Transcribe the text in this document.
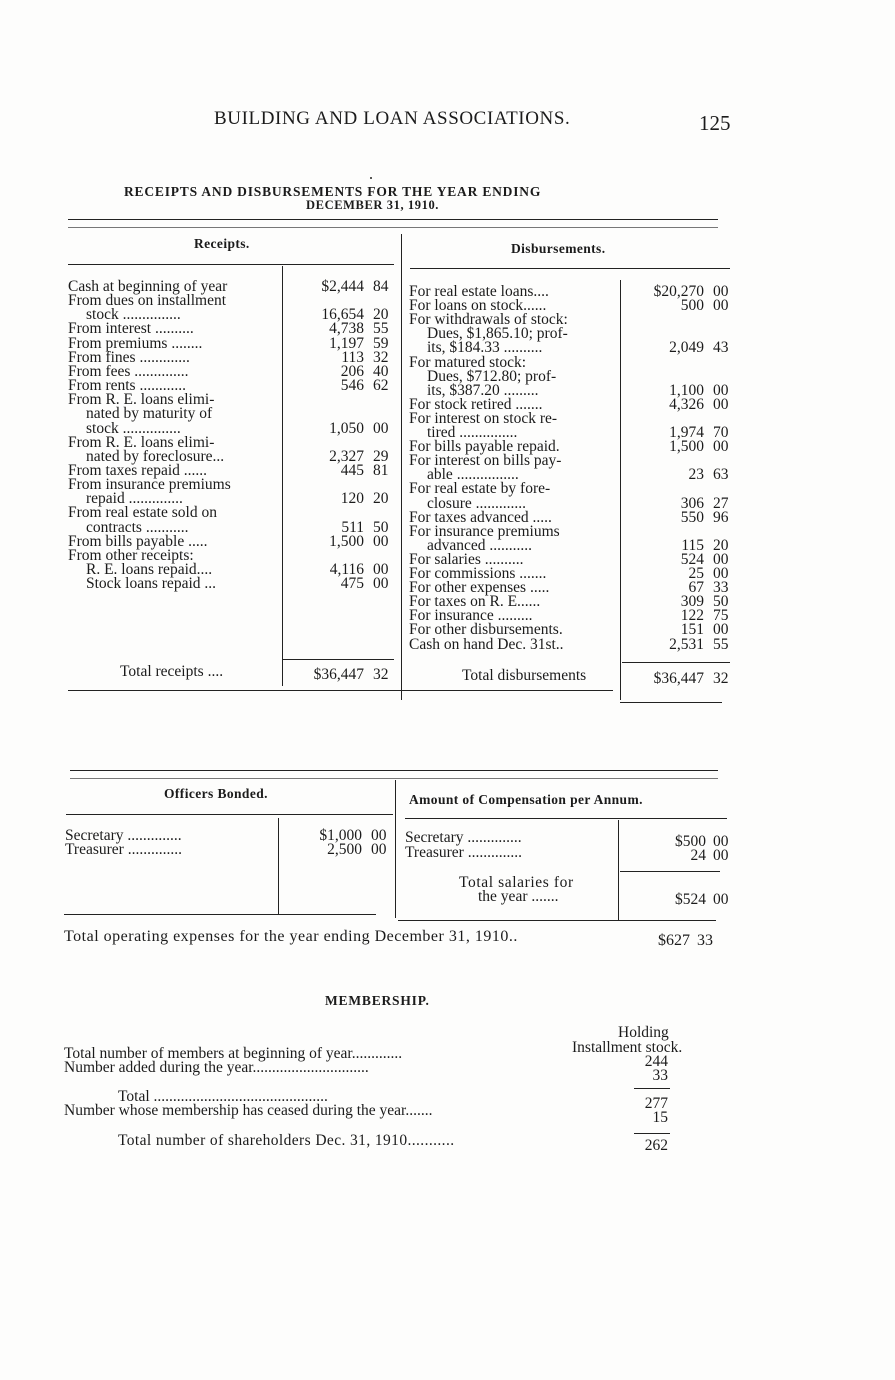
BUILDING AND LOAN ASSOCIATIONS.	125
RECEIPTS AND DISBURSEMENTS FOR THE YEAR ENDING
DECEMBER 31, 1910.
Receipts.	Disbursements.
Cash at beginning of year	$2,444 84
From dues on installment
stock ...............	16,654 20
From interest ..........	4,738 55
From premiums ........	1,197 59
From fines .............	113 32
From fees ..............	206 40
From rents ............	546 62
From R. E. loans elimi-
nated by maturity of
stock ...............	1,050 00
From R. E. loans elimi-
nated by foreclosure...	2,327 29
From taxes repaid ......	445 81
From insurance premiums
repaid ..............	120 20
From real estate sold on
contracts ...........	511 50
From bills payable .....	1,500 00
From other receipts:
R. E. loans repaid....	4,116 00
Stock loans repaid ...	475 00
For real estate loans....	$20,270 00
For loans on stock......	500 00
For withdrawals of stock:
Dues, $1,865.10; prof-
its, $184.33 ..........	2,049 43
For matured stock:
Dues, $712.80; prof-
its, $387.20 .........	1,100 00
For stock retired .......	4,326 00
For interest on stock re-
tired ...............	1,974 70
For bills payable repaid.	1,500 00
For interest on bills pay-
able ................	23 63
For real estate by fore-
closure .............	306 27
For taxes advanced .....	550 96
For insurance premiums
advanced ...........	115 20
For salaries ..........	524 00
For commissions .......	25 00
For other expenses .....	67 33
For taxes on R. E......	309 50
For insurance .........	122 75
For other disbursements.	151 00
Cash on hand Dec. 31st..	2,531 55
Total receipts ....	$36,447 32	Total disbursements	$36,447 32
Officers Bonded.	Amount of Compensation per Annum.
Secretary ..............	$1,000 00
Treasurer ..............	2,500 00
Secretary ..............	$500 00
Treasurer ..............	24 00
Total salaries for
the year .......	$524 00
Total operating expenses for the year ending December 31, 1910..	$627 33
MEMBERSHIP.
Holding
Installment stock.
Total number of members at beginning of year.............	244
Number added during the year..............................	33
Total .............................................	277
Number whose membership has ceased during the year.......	15
Total number of shareholders Dec. 31, 1910...........	262
